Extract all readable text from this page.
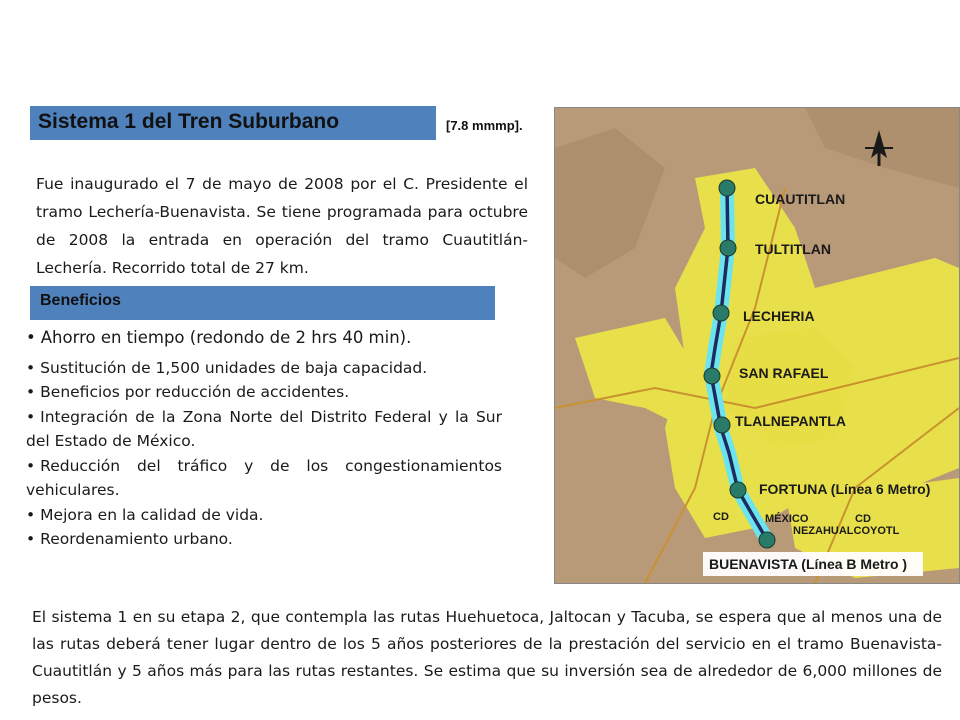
Sistema 1 del Tren Suburbano	[7.8 mmmp].
Fue inaugurado el 7 de mayo de 2008 por el C. Presidente el tramo Lechería-Buenavista. Se tiene programada para octubre de 2008 la entrada en operación del tramo Cuautitlán-Lechería. Recorrido total de 27 km.
Beneficios
• Ahorro en tiempo (redondo de 2 hrs 40 min).
• Sustitución de 1,500 unidades de baja capacidad.
• Beneficios por reducción de accidentes.
• Integración de la Zona Norte del Distrito Federal y la Sur del Estado de México.
• Reducción del tráfico y de los congestionamientos vehiculares.
• Mejora en la calidad de vida.
• Reordenamiento urbano.
CUAUTITLAN
TULTITLAN
LECHERIA
SAN RAFAEL
TLALNEPANTLA
FORTUNA (Línea 6 Metro)
MÉXICO
CD
NEZAHUALCOYOTL
CD
BUENAVISTA (Línea B Metro )
El sistema 1 en su etapa 2, que contempla las rutas Huehuetoca, Jaltocan y Tacuba, se espera que al menos una de las rutas deberá tener lugar dentro de los 5 años posteriores de la prestación del servicio en el tramo Buenavista-Cuautitlán y 5 años más para las rutas restantes. Se estima que su inversión sea de alrededor de 6,000 millones de pesos.
